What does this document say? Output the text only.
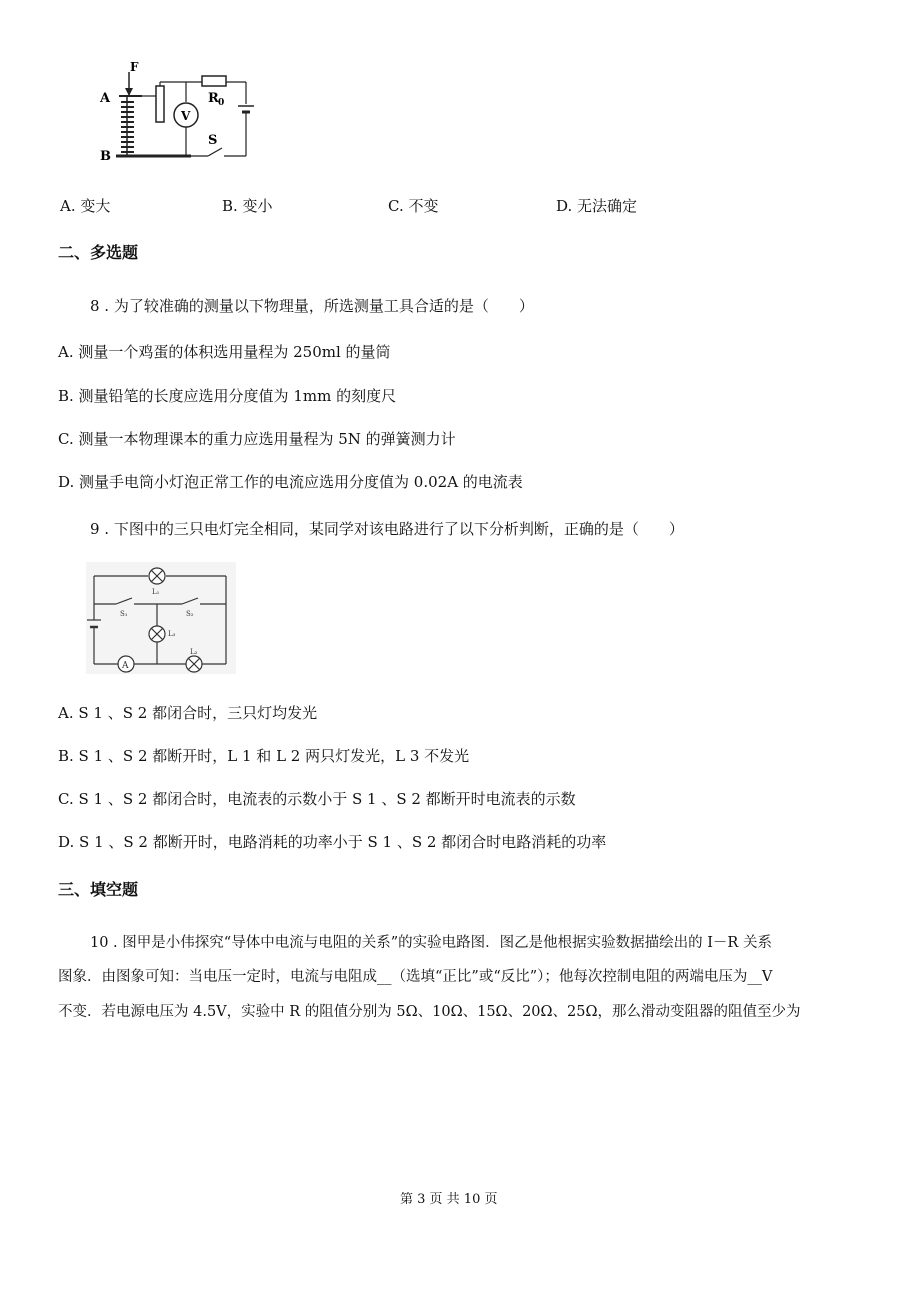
F
A
B
R 0
V
S
A. 变大	B. 变小	C. 不变	D. 无法确定
二、多选题
8 . 为了较准确的测量以下物理量，所选测量工具合适的是（　　）
A. 测量一个鸡蛋的体积选用量程为 250ml 的量筒
B. 测量铅笔的长度应选用分度值为 1mm 的刻度尺
C. 测量一本物理课本的重力应选用量程为 5N 的弹簧测力计
D. 测量手电筒小灯泡正常工作的电流应选用分度值为 0.02A 的电流表
9 . 下图中的三只电灯完全相同，某同学对该电路进行了以下分析判断，正确的是（　　）
A
L₁
L₃
L₂
S₁	S₂
A. S 1 、S 2 都闭合时，三只灯均发光
B. S 1 、S 2 都断开时，L 1 和 L 2 两只灯发光，L 3 不发光
C. S 1 、S 2 都闭合时，电流表的示数小于 S 1 、S 2 都断开时电流表的示数
D. S 1 、S 2 都断开时，电路消耗的功率小于 S 1 、S 2 都闭合时电路消耗的功率
三、填空题
10 . 图甲是小伟探究“导体中电流与电阻的关系”的实验电路图．图乙是他根据实验数据描绘出的 I－R 关系
图象．由图象可知：当电压一定时，电流与电阻成__（选填“正比”或“反比”）；他每次控制电阻的两端电压为__V
不变．若电源电压为 4.5V，实验中 R 的阻值分别为 5Ω、10Ω、15Ω、20Ω、25Ω，那么滑动变阻器的阻值至少为
第 3 页 共 10 页
